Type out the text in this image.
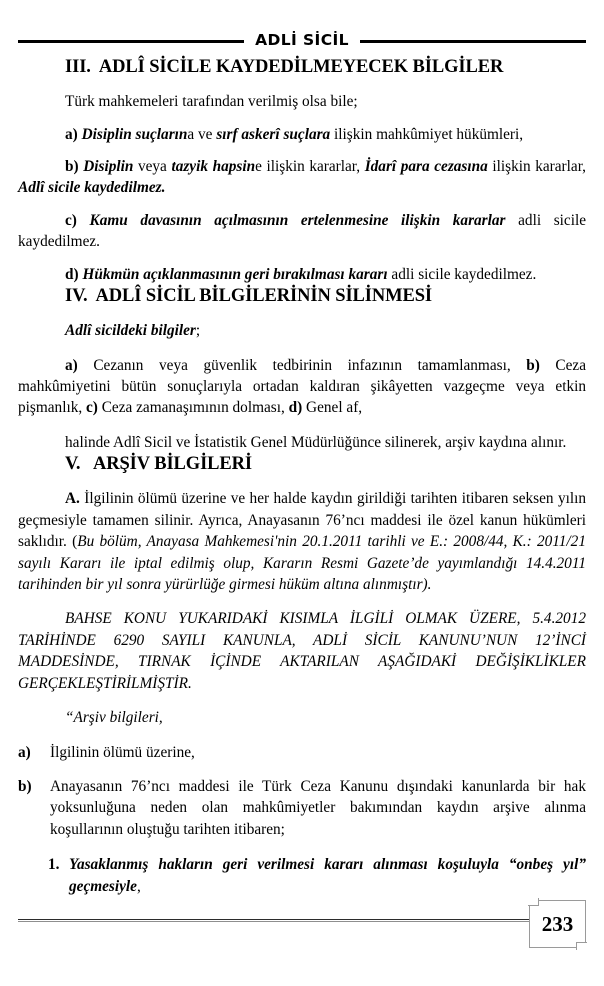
ADLİ SİCİL
III.  ADLÎ SİCİLE KAYDEDİLMEYECEK BİLGİLER

Türk mahkemeleri tarafından verilmiş olsa bile;

a) Disiplin suçlarına ve sırf askerî suçlara ilişkin mahkûmiyet hükümleri,

b) Disiplin veya tazyik hapsine ilişkin kararlar, İdarî para cezasına ilişkin kararlar, Adlî sicile kaydedilmez.

c) Kamu davasının açılmasının ertelenmesine ilişkin kararlar adli sicile kaydedilmez.

d) Hükmün açıklanmasının geri bırakılması kararı adli sicile kaydedilmez.

IV.  ADLÎ SİCİL BİLGİLERİNİN SİLİNMESİ

Adlî sicildeki bilgiler;

a) Cezanın veya güvenlik tedbirinin infazının tamamlanması, b) Ceza mahkûmiyetini bütün sonuçlarıyla ortadan kaldıran şikâyetten vazgeçme veya etkin pişmanlık, c) Ceza zamanaşımının dolması, d) Genel af,

halinde Adlî Sicil ve İstatistik Genel Müdürlüğünce silinerek, arşiv kaydına alınır.

V.   ARŞİV BİLGİLERİ

A. İlgilinin ölümü üzerine ve her halde kaydın girildiği tarihten itibaren seksen yılın geçmesiyle tamamen silinir. Ayrıca, Anayasanın 76’ncı maddesi ile özel kanun hükümleri saklıdır. (Bu bölüm, Anayasa Mahkemesi'nin 20.1.2011 tarihli ve E.: 2008/44, K.: 2011/21 sayılı Kararı ile iptal edilmiş olup, Kararın Resmi Gazete’de yayımlandığı 14.4.2011 tarihinden bir yıl sonra yürürlüğe girmesi hüküm altına alınmıştır).

BAHSE KONU YUKARIDAKİ KISIMLA İLGİLİ OLMAK ÜZERE, 5.4.2012 TARİHİNDE 6290 SAYILI KANUNLA, ADLİ SİCİL KANUNU’NUN 12’İNCİ MADDESİNDE, TIRNAK İÇİNDE AKTARILAN AŞAĞIDAKİ DEĞİŞİKLİKLER GERÇEKLEŞTİRİLMİŞTİR.

“Arşiv bilgileri,

a)	İlgilinin ölümü üzerine,
b)	Anayasanın 76’ncı maddesi ile Türk Ceza Kanunu dışındaki kanunlarda bir hak yoksunluğuna neden olan mahkûmiyetler bakımından kaydın arşive alınma koşullarının oluştuğu tarihten itibaren;
1. Yasaklanmış hakların geri verilmesi kararı alınması koşuluyla “onbeş yıl” geçmesiyle,
233
